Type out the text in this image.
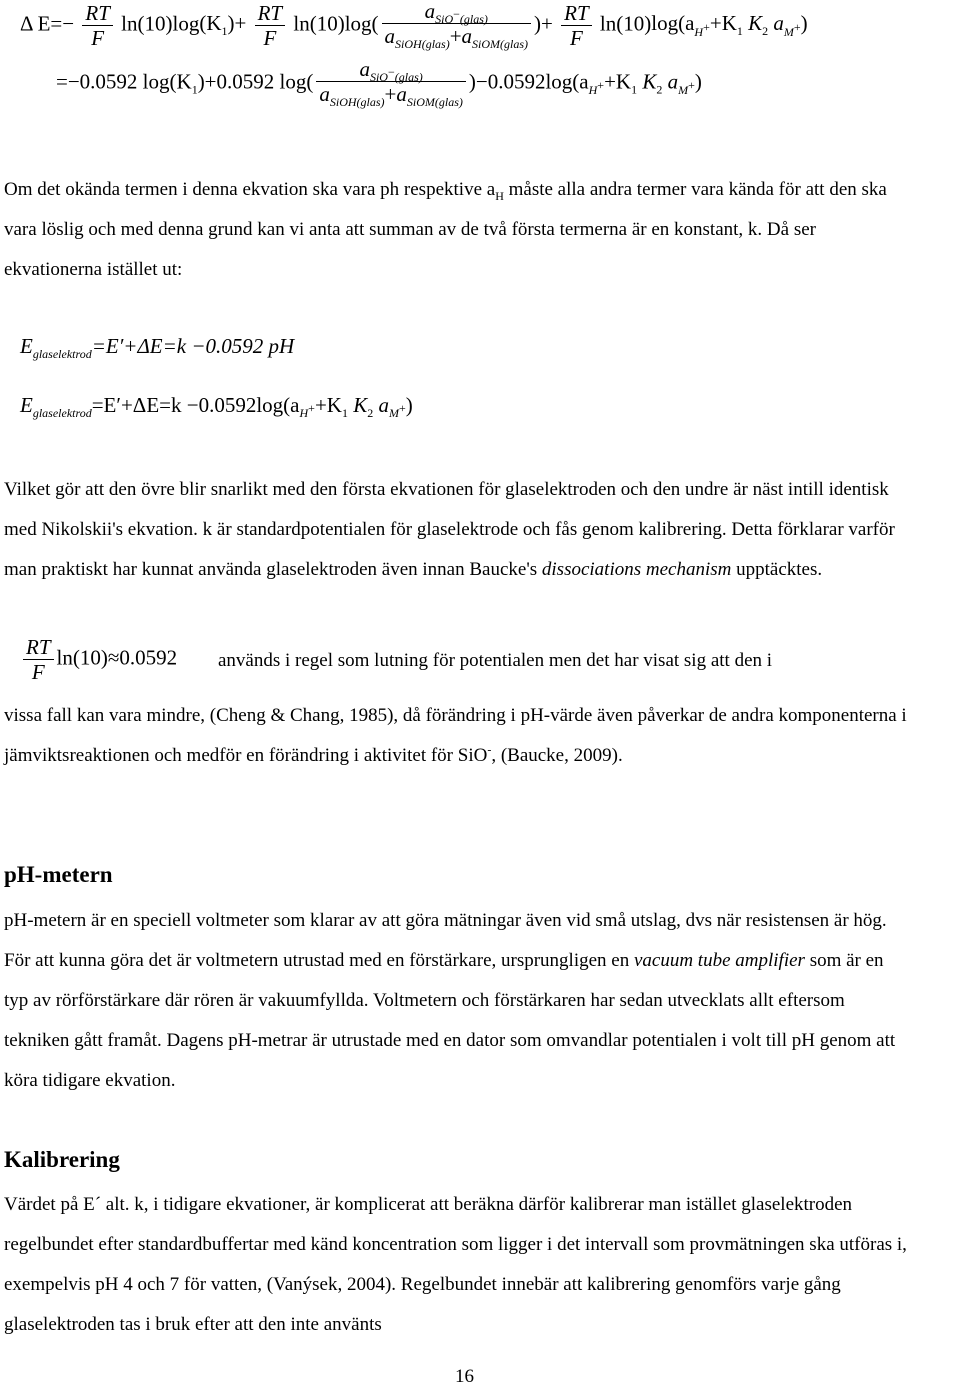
Δ $E=- \frac{RT}{F} \ln(10)\log(K_1)+ \frac{RT}{F} \ln(10)\log( \frac{a_{SiO^-(glas)}}{a_{SiOH(glas)}+a_{SiOM(glas)}}$ )+ $\frac{RT}{F} \ln(10)\log(a_{H^+}+K_1$ $K_2$ $a_{M^+}$)
=−0.0592 $\log(K_1)+0.0592$ $\log( \frac{a_{SiO^-(glas)}}{a_{SiOH(glas)}+a_{SiOM(glas)}} )-0.0592\log(a_{H^+}+K_1$ $K_2$ $a_{M^+}$)
Om det okända termen i denna ekvation ska vara ph respektive $a_H$ måste alla andra termer vara kända för att den ska vara löslig och med denna grund kan vi anta att summan av de två första termerna är en konstant, k. Då ser ekvationerna istället ut:
$E_{glaselektrod}=E'+\Delta E=k -0.0592$ pH
$E_{glaselektrod}=E'+\Delta E=k -0.0592\log(a_{H^+}+K_1$ $K_2$ $a_{M^+}$)
Vilket gör att den övre blir snarlikt med den första ekvationen för glaselektroden och den undre är näst intill identisk med Nikolskii's ekvation. k är standardpotentialen för glaselektrode och fås genom kalibrering. Detta förklarar varför man praktiskt har kunnat använda glaselektroden även innan Baucke's dissociations mechanism upptäcktes.
$\frac{RT}{F} \ln(10)\approx 0.0592$ används i regel som lutning för potentialen men det har visat sig att den i
vissa fall kan vara mindre, (Cheng & Chang, 1985), då förändring i pH-värde även påverkar de andra komponenterna i jämviktsreaktionen och medför en förändring i aktivitet för SiO-, (Baucke, 2009).
pH-metern
pH-metern är en speciell voltmeter som klarar av att göra mätningar även vid små utslag, dvs när resistensen är hög. För att kunna göra det är voltmetern utrustad med en förstärkare, ursprungligen en vacuum tube amplifier som är en typ av rörförstärkare där rören är vakuumfyllda. Voltmetern och förstärkaren har sedan utvecklats allt eftersom tekniken gått framåt. Dagens pH-metrar är utrustade med en dator som omvandlar potentialen i volt till pH genom att köra tidigare ekvation.
Kalibrering
Värdet på E´ alt. k, i tidigare ekvationer, är komplicerat att beräkna därför kalibrerar man istället glaselektroden regelbundet efter standardbuffertar med känd koncentration som ligger i det intervall som provmätningen ska utföras i, exempelvis pH 4 och 7 för vatten, (Vanýsek, 2004). Regelbundet innebär att kalibrering genomförs varje gång glaselektroden tas i bruk efter att den inte använts
16
